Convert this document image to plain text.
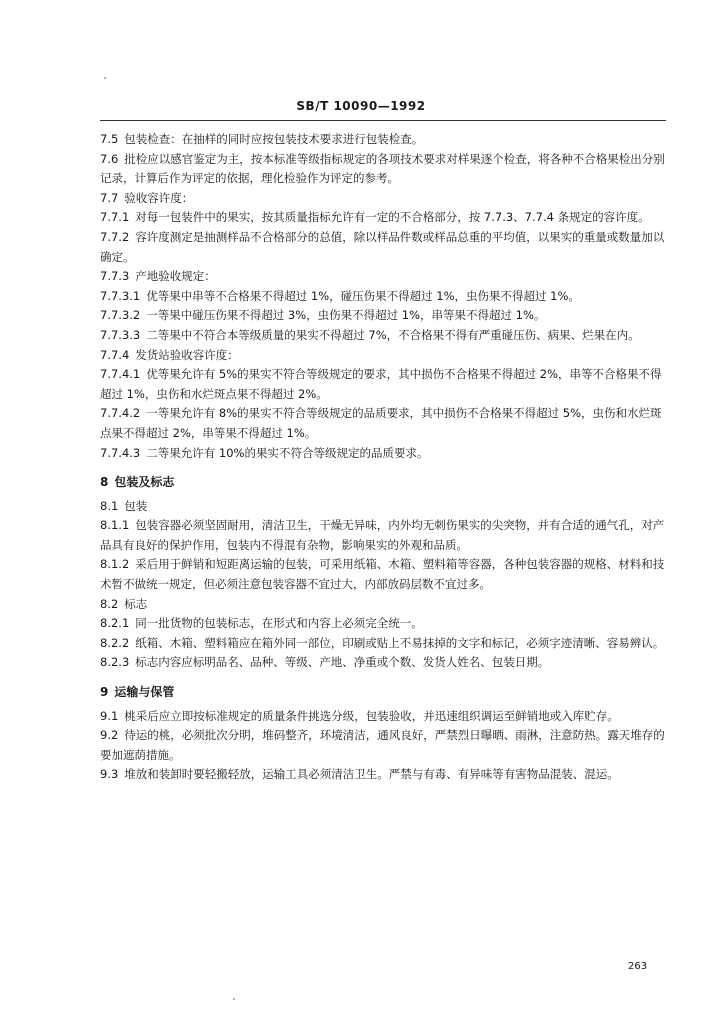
SB/T 10090—1992

7.5 包装检查：在抽样的同时应按包装技术要求进行包装检查。

7.6 批检应以感官鉴定为主，按本标准等级指标规定的各项技术要求对样果逐个检查，将各种不合格果检出分别记录，计算后作为评定的依据，理化检验作为评定的参考。

7.7 验收容许度：

7.7.1 对每一包装件中的果实，按其质量指标允许有一定的不合格部分，按 7.7.3、7.7.4 条规定的容许度。

7.7.2 容许度测定是抽测样品不合格部分的总值，除以样品件数或样品总重的平均值，以果实的重量或数量加以确定。

7.7.3 产地验收规定：

7.7.3.1 优等果中串等不合格果不得超过 1%，碰压伤果不得超过 1%，虫伤果不得超过 1%。

7.7.3.2 一等果中碰压伤果不得超过 3%，虫伤果不得超过 1%，串等果不得超过 1%。

7.7.3.3 二等果中不符合本等级质量的果实不得超过 7%，不合格果不得有严重碰压伤、病果、烂果在内。

7.7.4 发货站验收容许度：

7.7.4.1 优等果允许有 5%的果实不符合等级规定的要求，其中损伤不合格果不得超过 2%，串等不合格果不得超过 1%，虫伤和水烂斑点果不得超过 2%。

7.7.4.2 一等果允许有 8%的果实不符合等级规定的品质要求，其中损伤不合格果不得超过 5%，虫伤和水烂斑点果不得超过 2%，串等果不得超过 1%。

7.7.4.3 二等果允许有 10%的果实不符合等级规定的品质要求。

8 包装及标志

8.1 包装

8.1.1 包装容器必须坚固耐用，清洁卫生，干燥无异味，内外均无刺伤果实的尖突物，并有合适的通气孔，对产品具有良好的保护作用，包装内不得混有杂物，影响果实的外观和品质。

8.1.2 采后用于鲜销和短距离运输的包装，可采用纸箱、木箱、塑料箱等容器，各种包装容器的规格、材料和技术暂不做统一规定，但必须注意包装容器不宜过大，内部放码层数不宜过多。

8.2 标志

8.2.1 同一批货物的包装标志，在形式和内容上必须完全统一。

8.2.2 纸箱、木箱、塑料箱应在箱外同一部位，印刷或贴上不易抹掉的文字和标记，必须字迹清晰、容易辨认。

8.2.3 标志内容应标明品名、品种、等级、产地、净重或个数、发货人姓名、包装日期。

9 运输与保管

9.1 桃采后应立即按标准规定的质量条件挑选分级，包装验收，并迅速组织调运至鲜销地或入库贮存。

9.2 待运的桃，必须批次分明，堆码整齐，环境清洁，通风良好，严禁烈日曝晒、雨淋，注意防热。露天堆存的要加遮荫措施。

9.3 堆放和装卸时要轻搬轻放，运输工具必须清洁卫生。严禁与有毒、有异味等有害物品混装、混运。

263
